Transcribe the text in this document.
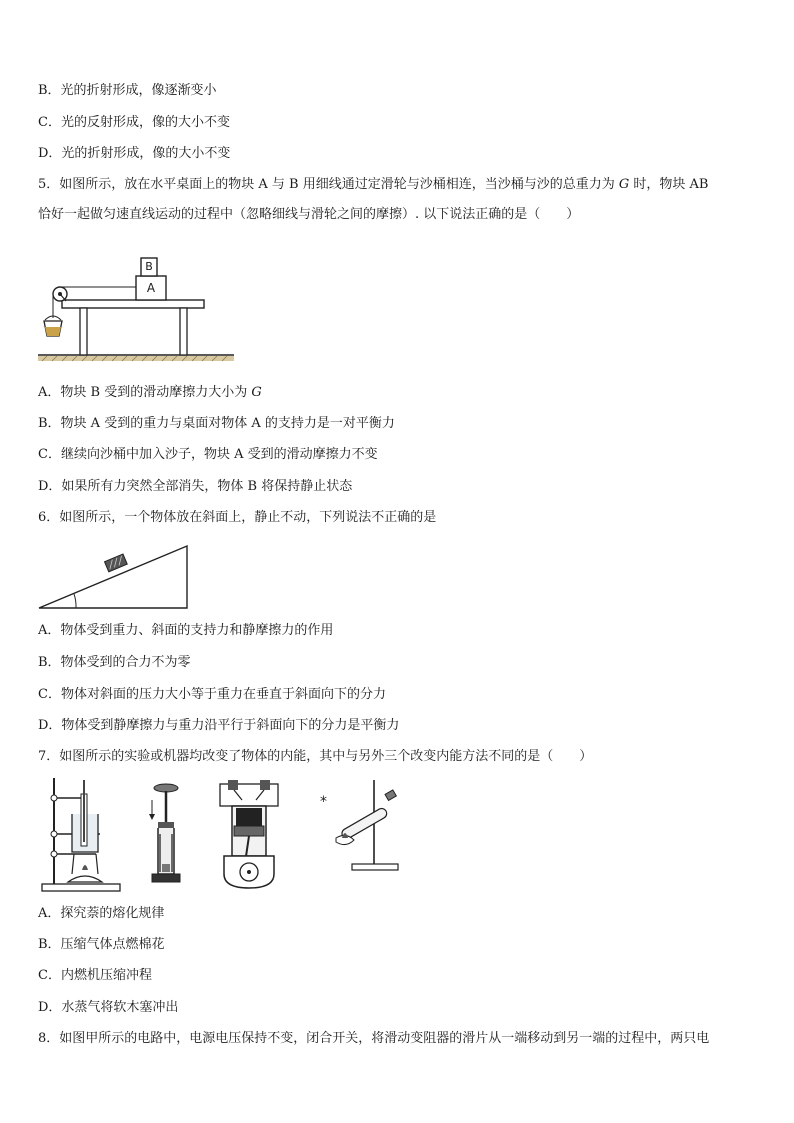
B．光的折射形成，像逐渐变小
C．光的反射形成，像的大小不变
D．光的折射形成，像的大小不变
5．如图所示，放在水平桌面上的物块 A 与 B 用细线通过定滑轮与沙桶相连，当沙桶与沙的总重力为 G 时，物块 AB
恰好一起做匀速直线运动的过程中（忽略细线与滑轮之间的摩擦）. 以下说法正确的是（　　）
A
B
A．物块 B 受到的滑动摩擦力大小为 G
B．物块 A 受到的重力与桌面对物体 A 的支持力是一对平衡力
C．继续向沙桶中加入沙子，物块 A 受到的滑动摩擦力不变
D．如果所有力突然全部消失，物体 B 将保持静止状态
6．如图所示，一个物体放在斜面上，静止不动，下列说法不正确的是
A．物体受到重力、斜面的支持力和静摩擦力的作用
B．物体受到的合力不为零
C．物体对斜面的压力大小等于重力在垂直于斜面向下的分力
D．物体受到静摩擦力与重力沿平行于斜面向下的分力是平衡力
7．如图所示的实验或机器均改变了物体的内能，其中与另外三个改变内能方法不同的是（　　）
*
A．探究萘的熔化规律
B．压缩气体点燃棉花
C．内燃机压缩冲程
D．水蒸气将软木塞冲出
8．如图甲所示的电路中，电源电压保持不变，闭合开关，将滑动变阻器的滑片从一端移动到另一端的过程中，两只电
